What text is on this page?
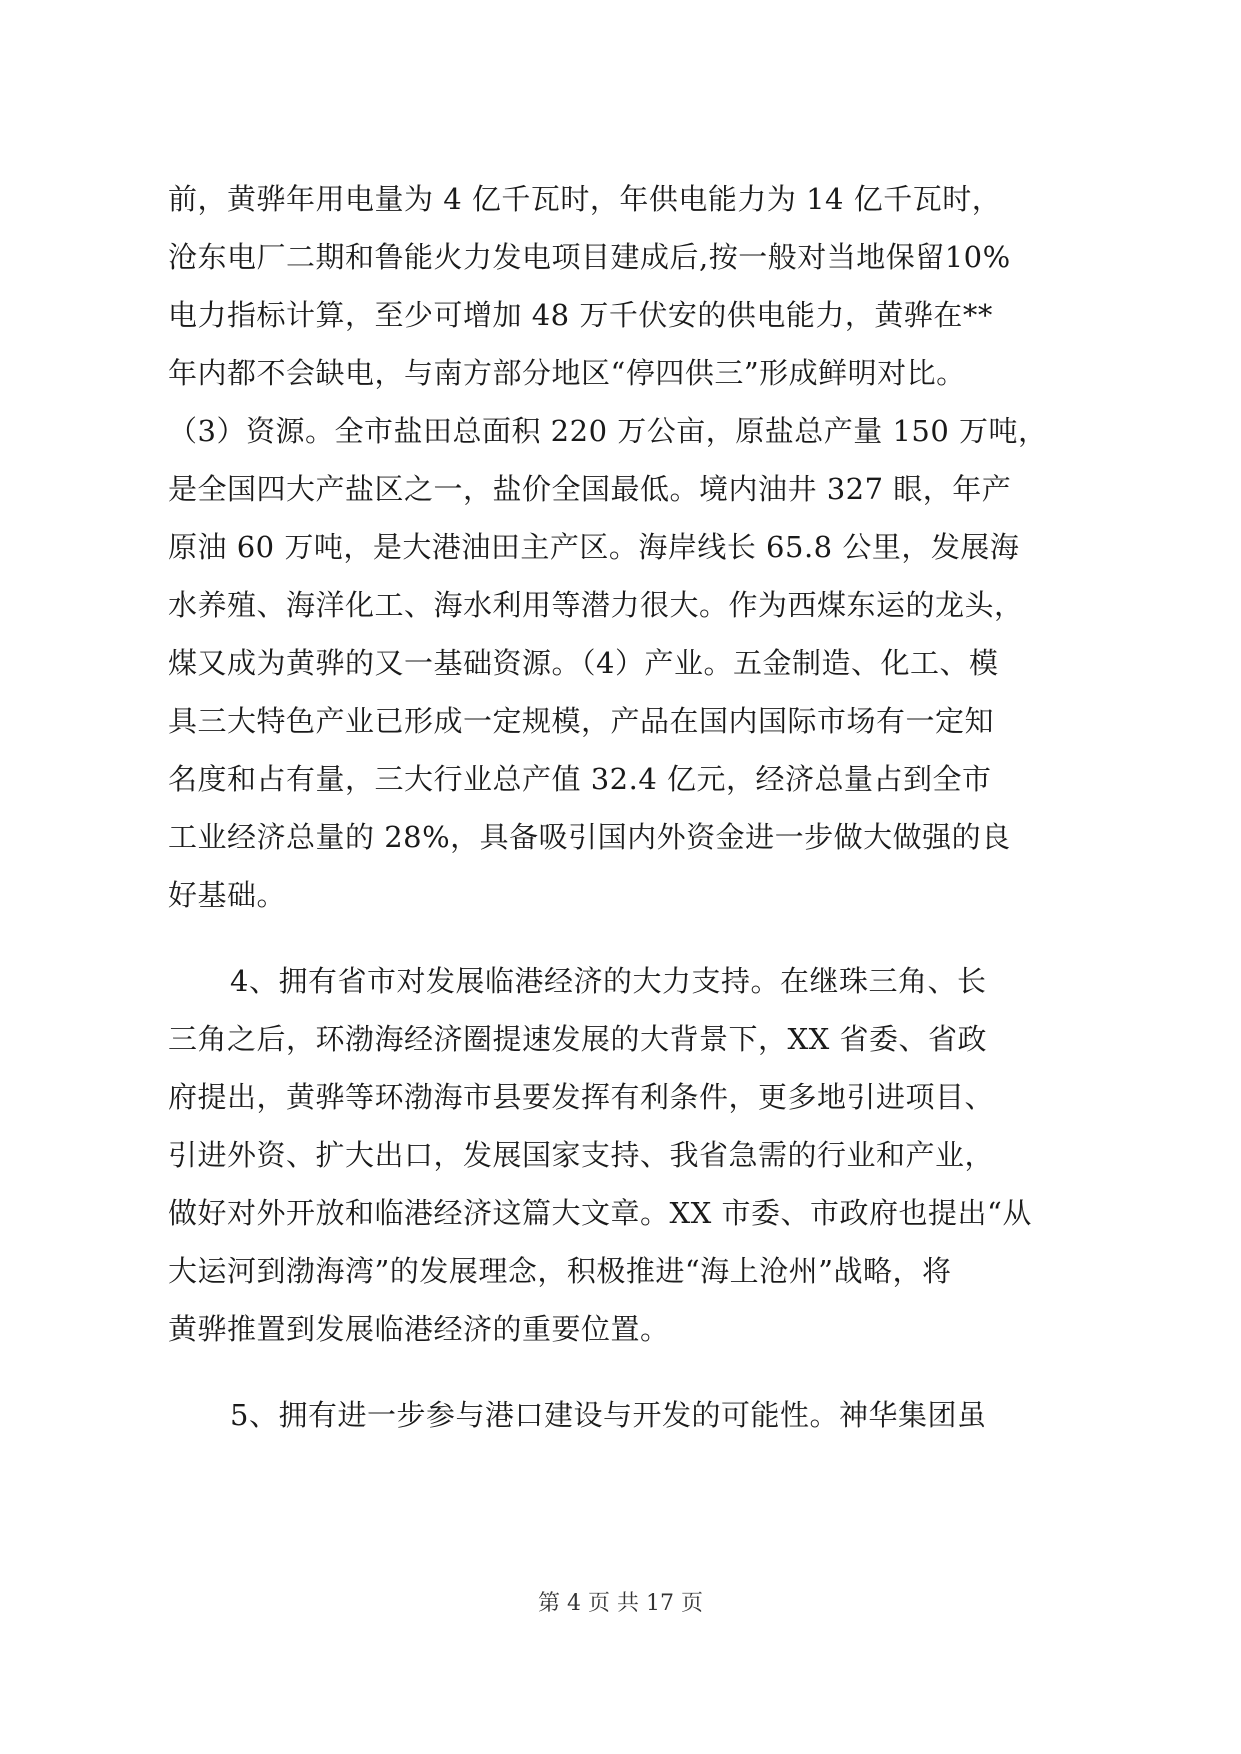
前，黄骅年用电量为 4 亿千瓦时，年供电能力为 14 亿千瓦时，
沧东电厂二期和鲁能火力发电项目建成后,按一般对当地保留10%
电力指标计算，至少可增加 48 万千伏安的供电能力，黄骅在**
年内都不会缺电，与南方部分地区“停四供三”形成鲜明对比。
（3）资源。全市盐田总面积 220 万公亩，原盐总产量 150 万吨，
是全国四大产盐区之一，盐价全国最低。境内油井 327 眼，年产
原油 60 万吨，是大港油田主产区。海岸线长 65.8 公里，发展海
水养殖、海洋化工、海水利用等潜力很大。作为西煤东运的龙头，
煤又成为黄骅的又一基础资源。（4）产业。五金制造、化工、模
具三大特色产业已形成一定规模，产品在国内国际市场有一定知
名度和占有量，三大行业总产值 32.4 亿元，经济总量占到全市
工业经济总量的 28%，具备吸引国内外资金进一步做大做强的良
好基础。
4、拥有省市对发展临港经济的大力支持。在继珠三角、长
三角之后，环渤海经济圈提速发展的大背景下，XX 省委、省政
府提出，黄骅等环渤海市县要发挥有利条件，更多地引进项目、
引进外资、扩大出口，发展国家支持、我省急需的行业和产业，
做好对外开放和临港经济这篇大文章。XX 市委、市政府也提出“从
大运河到渤海湾”的发展理念，积极推进“海上沧州”战略，将
黄骅推置到发展临港经济的重要位置。
5、拥有进一步参与港口建设与开发的可能性。神华集团虽
第 4 页 共 17 页
